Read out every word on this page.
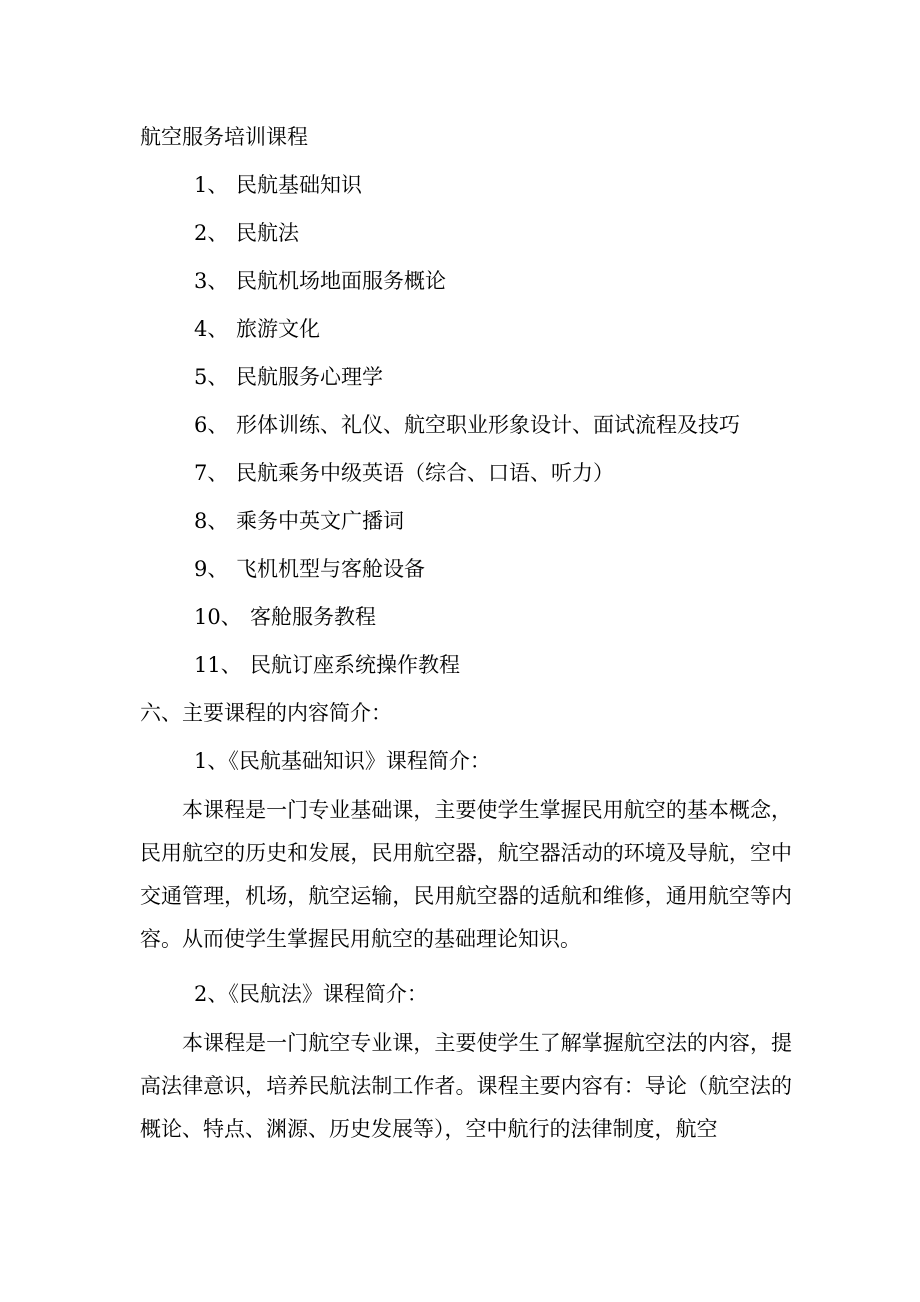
航空服务培训课程
1、 民航基础知识
2、 民航法
3、 民航机场地面服务概论
4、 旅游文化
5、 民航服务心理学
6、 形体训练、礼仪、航空职业形象设计、面试流程及技巧
7、 民航乘务中级英语（综合、口语、听力）
8、 乘务中英文广播词
9、 飞机机型与客舱设备
10、 客舱服务教程
11、 民航订座系统操作教程
六、主要课程的内容简介：
1、《民航基础知识》课程简介：
本课程是一门专业基础课，主要使学生掌握民用航空的基本概念，民用航空的历史和发展，民用航空器，航空器活动的环境及导航，空中交通管理，机场，航空运输，民用航空器的适航和维修，通用航空等内容。从而使学生掌握民用航空的基础理论知识。
2、《民航法》课程简介：
本课程是一门航空专业课，主要使学生了解掌握航空法的内容，提高法律意识，培养民航法制工作者。课程主要内容有：导论（航空法的概论、特点、渊源、历史发展等），空中航行的法律制度，航空
